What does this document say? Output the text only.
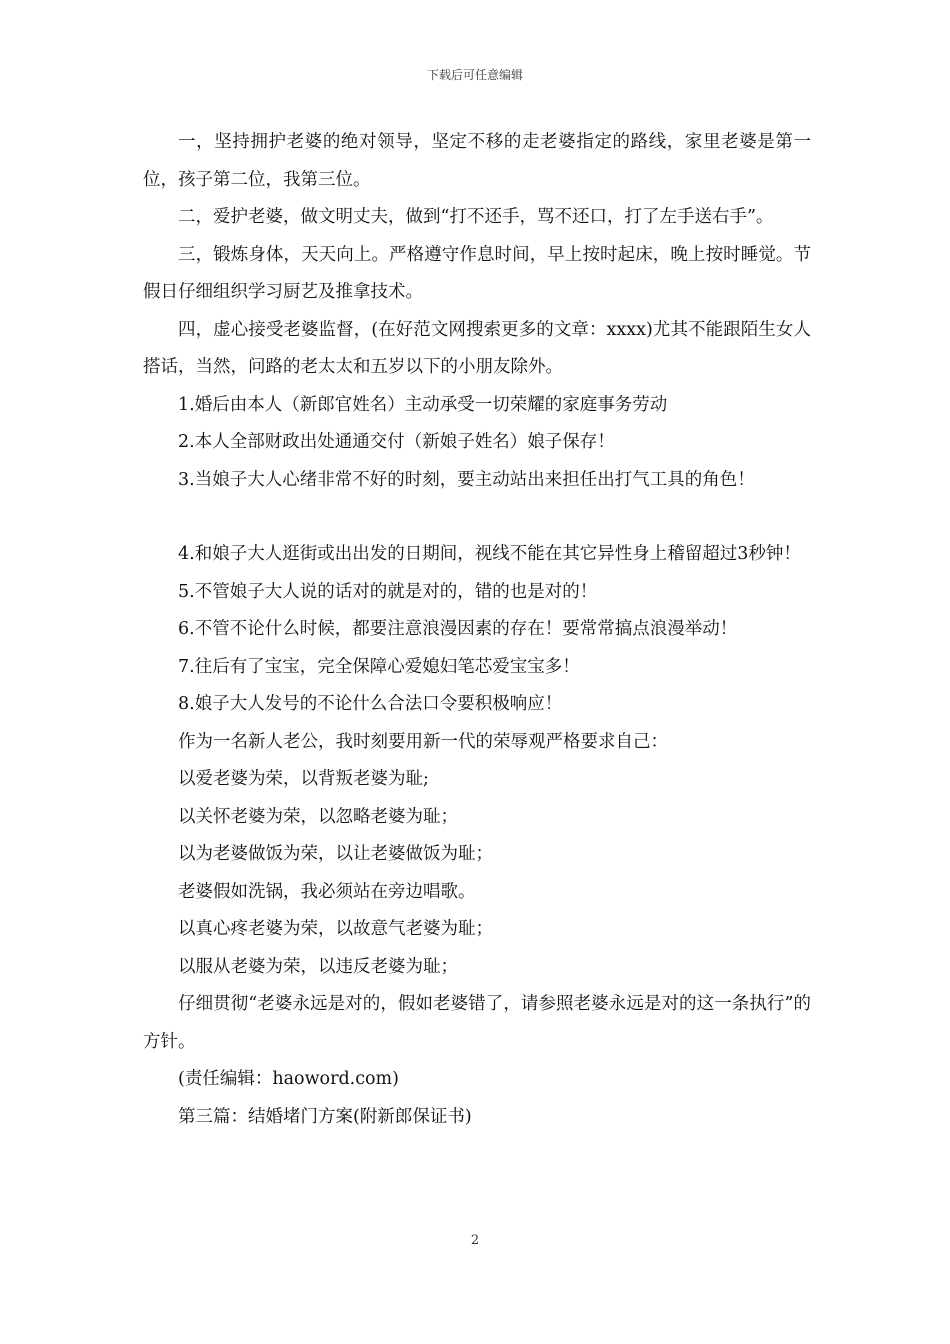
下载后可任意编辑

一，坚持拥护老婆的绝对领导，坚定不移的走老婆指定的路线，家里老婆是第一位，孩子第二位，我第三位。

二，爱护老婆，做文明丈夫，做到“打不还手，骂不还口，打了左手送右手”。

三，锻炼身体，天天向上。严格遵守作息时间，早上按时起床，晚上按时睡觉。节假日仔细组织学习厨艺及推拿技术。

四，虚心接受老婆监督，(在好范文网搜索更多的文章：xxxx)尤其不能跟陌生女人搭话，当然，问路的老太太和五岁以下的小朋友除外。

1.婚后由本人（新郎官姓名）主动承受一切荣耀的家庭事务劳动

2.本人全部财政出处通通交付（新娘子姓名）娘子保存！

3.当娘子大人心绪非常不好的时刻，要主动站出来担任出打气工具的角色！

4.和娘子大人逛街或出出发的日期间，视线不能在其它异性身上稽留超过3秒钟！

5.不管娘子大人说的话对的就是对的，错的也是对的！

6.不管不论什么时候，都要注意浪漫因素的存在！要常常搞点浪漫举动！

7.往后有了宝宝，完全保障心爱媳妇笔芯爱宝宝多！

8.娘子大人发号的不论什么合法口令要积极响应！

作为一名新人老公，我时刻要用新一代的荣辱观严格要求自己：

以爱老婆为荣，以背叛老婆为耻;

以关怀老婆为荣，以忽略老婆为耻；

以为老婆做饭为荣，以让老婆做饭为耻；

老婆假如洗锅，我必须站在旁边唱歌。

以真心疼老婆为荣，以故意气老婆为耻；

以服从老婆为荣，以违反老婆为耻；

仔细贯彻“老婆永远是对的，假如老婆错了，请参照老婆永远是对的这一条执行”的方针。

(责任编辑：haoword.com)

第三篇：结婚堵门方案(附新郎保证书)

2
